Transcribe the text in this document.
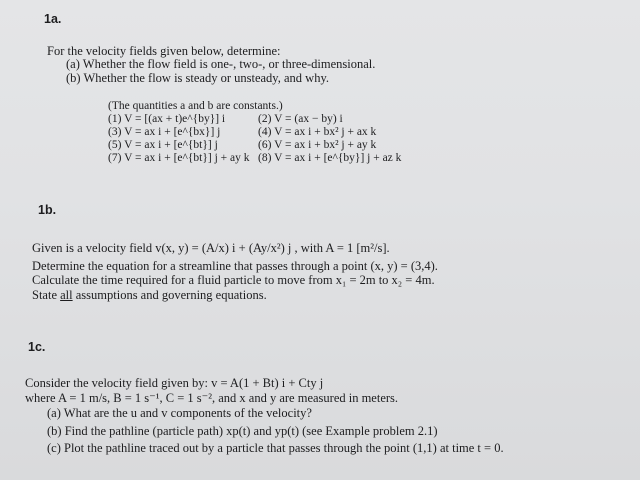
1a.
For the velocity fields given below, determine:
(a) Whether the flow field is one-, two-, or three-dimensional.
(b) Whether the flow is steady or unsteady, and why.
(The quantities a and b are constants.)
(1) V = [(ax + t)e^{by}] i	(2) V = (ax − by) i
(3) V = ax i + [e^{bx}] j	(4) V = ax i + bx² j + ax k
(5) V = ax i + [e^{bt}] j	(6) V = ax i + bx² j + ay k
(7) V = ax i + [e^{bt}] j + ay k (8) V = ax i + [e^{by}] j + az k
1b.
Given is a velocity field v(x, y) = (A/x) i + (Ay/x²) j , with A = 1 [m²/s].
Determine the equation for a streamline that passes through a point (x, y) = (3,4).
Calculate the time required for a fluid particle to move from x₁ = 2m to x₂ = 4m.
State all assumptions and governing equations.
1c.
Consider the velocity field given by: v = A(1 + Bt) i + Cty j
where A = 1 m/s, B = 1 s⁻¹, C = 1 s⁻², and x and y are measured in meters.
(a) What are the u and v components of the velocity?
(b) Find the pathline (particle path) xp(t) and yp(t) (see Example problem 2.1)
(c) Plot the pathline traced out by a particle that passes through the point (1,1) at time t = 0.
